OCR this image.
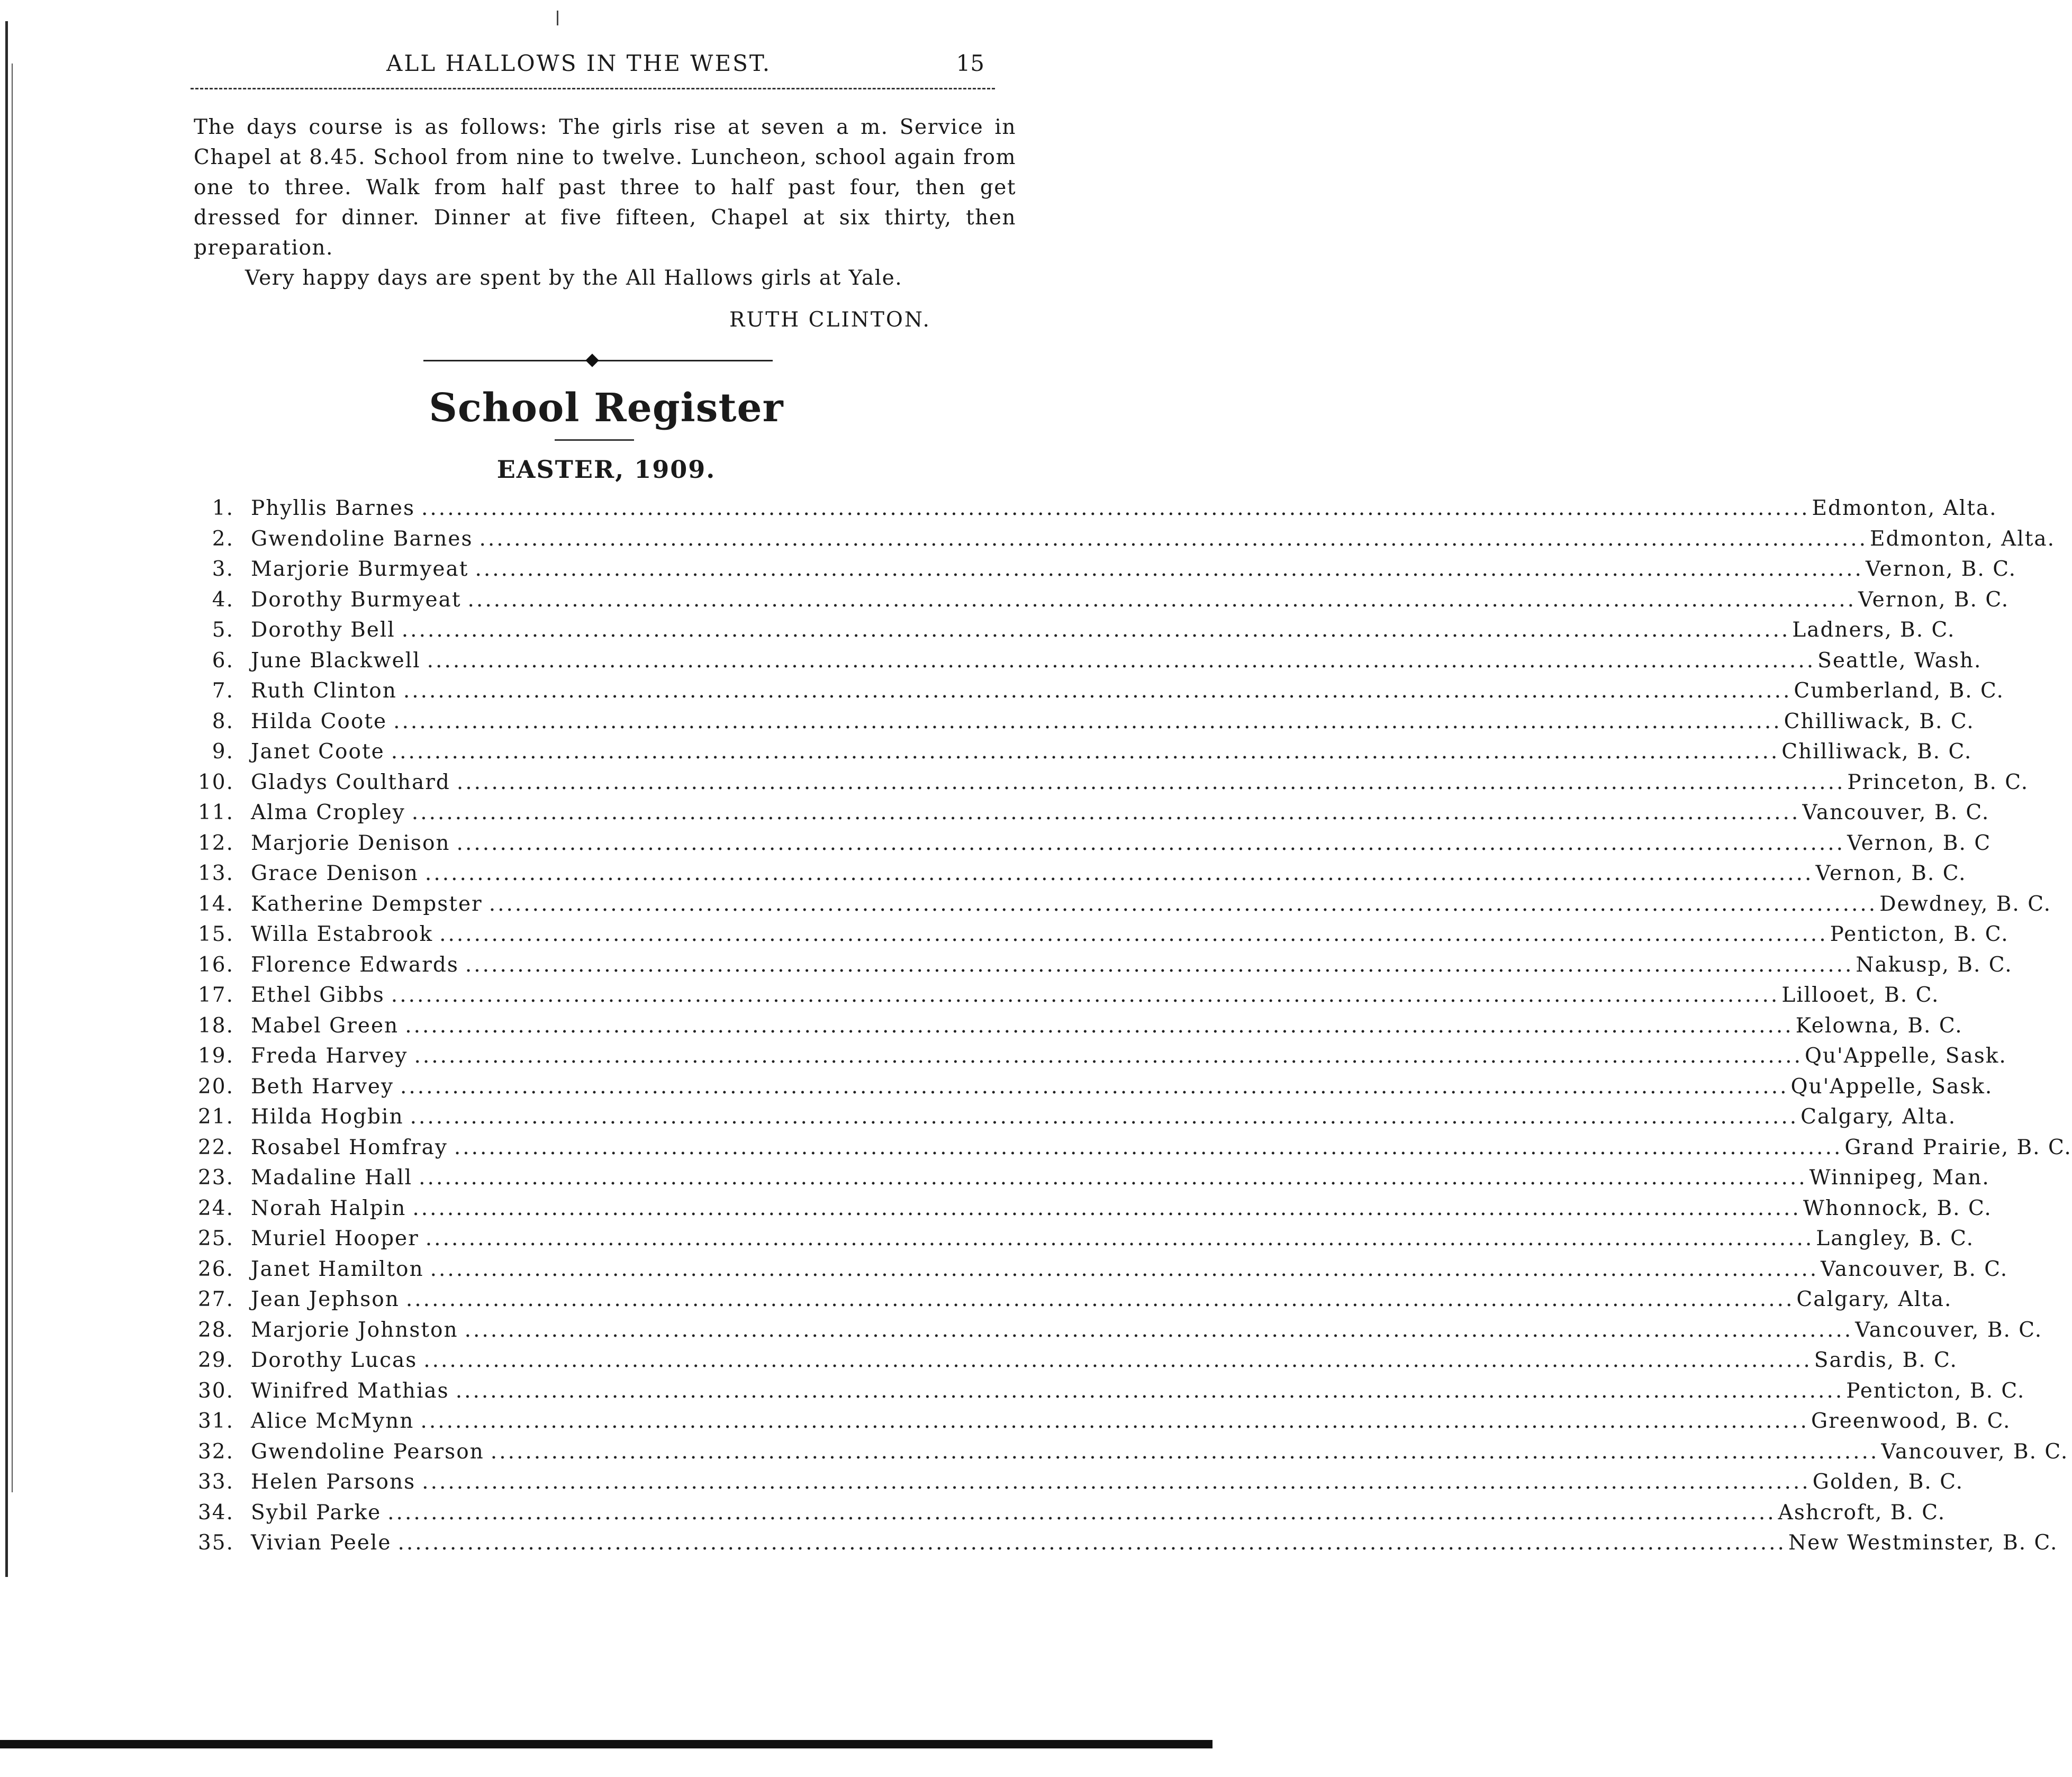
ALL HALLOWS IN THE WEST.	15

The days course is as follows: The girls rise at seven a m. Service in Chapel at 8.45. School from nine to twelve. Luncheon, school again from one to three. Walk from half past three to half past four, then get dressed for dinner. Dinner at five fifteen, Chapel at six thirty, then preparation.

Very happy days are spent by the All Hallows girls at Yale.

RUTH CLINTON.
School Register
EASTER, 1909.
1. Phyllis Barnes ................................................................................................................................................................ Edmonton, Alta.
2. Gwendoline Barnes ................................................................................................................................................................ Edmonton, Alta.
3. Marjorie Burmyeat ................................................................................................................................................................ Vernon, B. C.
4. Dorothy Burmyeat ................................................................................................................................................................ Vernon, B. C.
5. Dorothy Bell ................................................................................................................................................................ Ladners, B. C.
6. June Blackwell ................................................................................................................................................................ Seattle, Wash.
7. Ruth Clinton ................................................................................................................................................................ Cumberland, B. C.
8. Hilda Coote ................................................................................................................................................................ Chilliwack, B. C.
9. Janet Coote ................................................................................................................................................................ Chilliwack, B. C.
10. Gladys Coulthard ................................................................................................................................................................ Princeton, B. C.
11. Alma Cropley ................................................................................................................................................................ Vancouver, B. C.
12. Marjorie Denison ................................................................................................................................................................ Vernon, B. C
13. Grace Denison ................................................................................................................................................................ Vernon, B. C.
14. Katherine Dempster ................................................................................................................................................................ Dewdney, B. C.
15. Willa Estabrook ................................................................................................................................................................ Penticton, B. C.
16. Florence Edwards ................................................................................................................................................................ Nakusp, B. C.
17. Ethel Gibbs ................................................................................................................................................................ Lillooet, B. C.
18. Mabel Green ................................................................................................................................................................ Kelowna, B. C.
19. Freda Harvey ................................................................................................................................................................ Qu'Appelle, Sask.
20. Beth Harvey ................................................................................................................................................................ Qu'Appelle, Sask.
21. Hilda Hogbin ................................................................................................................................................................ Calgary, Alta.
22. Rosabel Homfray ................................................................................................................................................................ Grand Prairie, B. C.
23. Madaline Hall ................................................................................................................................................................ Winnipeg, Man.
24. Norah Halpin ................................................................................................................................................................ Whonnock, B. C.
25. Muriel Hooper ................................................................................................................................................................ Langley, B. C.
26. Janet Hamilton ................................................................................................................................................................ Vancouver, B. C.
27. Jean Jephson ................................................................................................................................................................ Calgary, Alta.
28. Marjorie Johnston ................................................................................................................................................................ Vancouver, B. C.
29. Dorothy Lucas ................................................................................................................................................................ Sardis, B. C.
30. Winifred Mathias ................................................................................................................................................................ Penticton, B. C.
31. Alice McMynn ................................................................................................................................................................ Greenwood, B. C.
32. Gwendoline Pearson ................................................................................................................................................................ Vancouver, B. C.
33. Helen Parsons ................................................................................................................................................................ Golden, B. C.
34. Sybil Parke ................................................................................................................................................................ Ashcroft, B. C.
35. Vivian Peele ................................................................................................................................................................ New Westminster, B. C.
